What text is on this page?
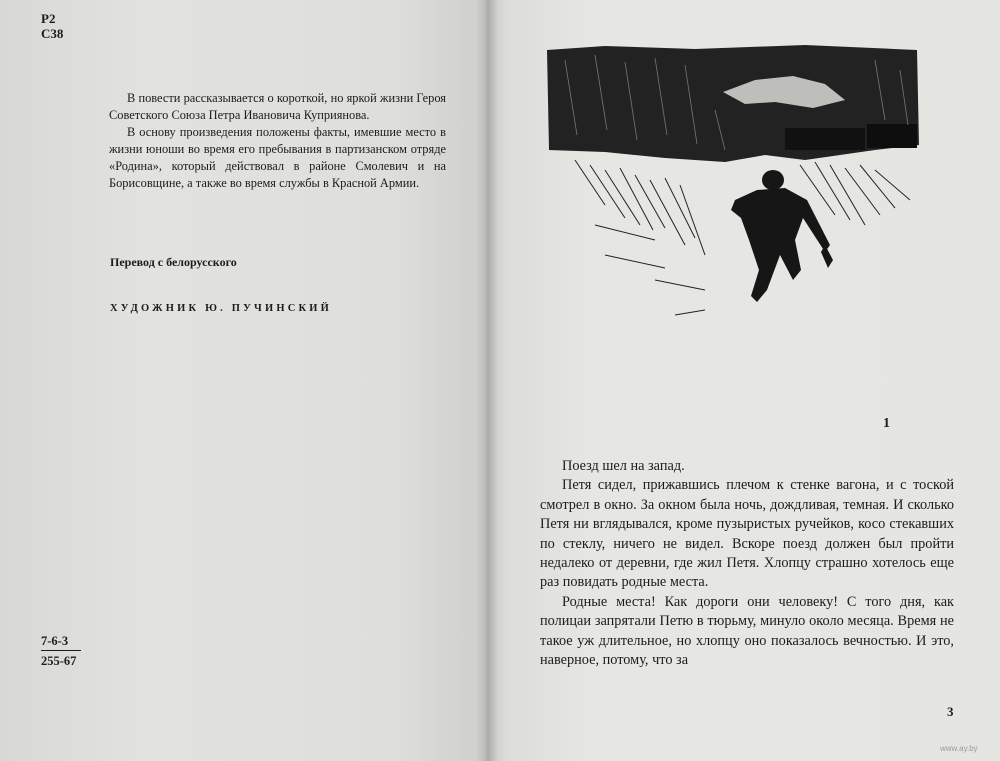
Р2
С38

В повести рассказывается о короткой, но яркой жизни Героя Советского Союза Петра Ивановича Куприянова.

В основу произведения положены факты, имевшие место в жизни юноши во время его пребывания в партизанском отряде «Родина», который действовал в районе Смолевич и на Борисовщине, а также во время службы в Красной Армии.

Перевод с белорусского
ХУДОЖНИК Ю. ПУЧИНСКИЙ
7-6-3
255-67
1

Поезд шел на запад.

Петя сидел, прижавшись плечом к стенке вагона, и с тоской смотрел в окно. За окном была ночь, дождливая, темная. И сколько Петя ни вглядывался, кроме пузыристых ручейков, косо стекавших по стеклу, ничего не видел. Вскоре поезд должен был пройти недалеко от деревни, где жил Петя. Хлопцу страшно хотелось еще раз повидать родные места.

Родные места! Как дороги они человеку! С того дня, как полицаи запрятали Петю в тюрьму, минуло около месяца. Время не такое уж длительное, но хлопцу оно показалось вечностью. И это, наверное, потому, что за

3
www.ay.by
